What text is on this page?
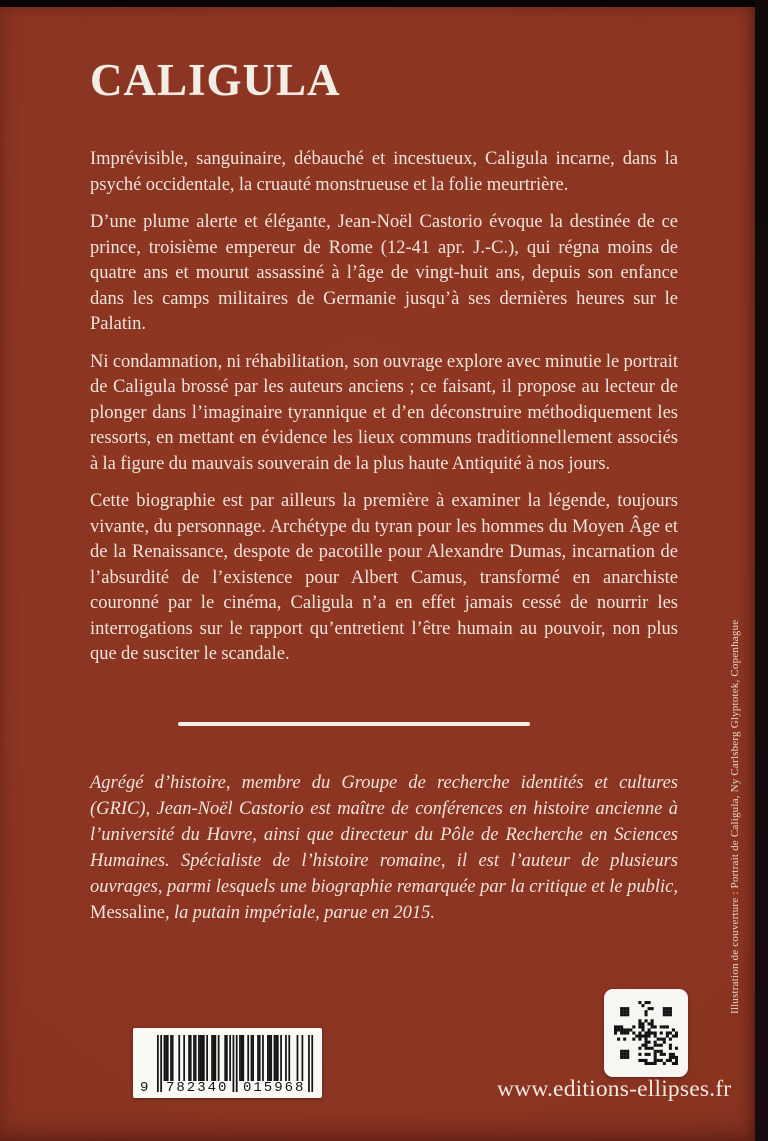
CALIGULA

Imprévisible, sanguinaire, débauché et incestueux, Caligula incarne, dans la psyché occidentale, la cruauté monstrueuse et la folie meurtrière.

D’une plume alerte et élégante, Jean-Noël Castorio évoque la destinée de ce prince, troisième empereur de Rome (12-41 apr. J.-C.), qui régna moins de quatre ans et mourut assassiné à l’âge de vingt-huit ans, depuis son enfance dans les camps militaires de Germanie jusqu’à ses dernières heures sur le Palatin.

Ni condamnation, ni réhabilitation, son ouvrage explore avec minutie le portrait de Caligula brossé par les auteurs anciens ; ce faisant, il propose au lecteur de plonger dans l’imaginaire tyrannique et d’en déconstruire méthodiquement les ressorts, en mettant en évidence les lieux communs traditionnellement associés à la figure du mauvais souverain de la plus haute Antiquité à nos jours.

Cette biographie est par ailleurs la première à examiner la légende, toujours vivante, du personnage. Archétype du tyran pour les hommes du Moyen Âge et de la Renaissance, despote de pacotille pour Alexandre Dumas, incarnation de l’absurdité de l’existence pour Albert Camus, transformé en anarchiste couronné par le cinéma, Caligula n’a en effet jamais cessé de nourrir les interrogations sur le rapport qu’entretient l’être humain au pouvoir, non plus que de susciter le scandale.

Agrégé d’histoire, membre du Groupe de recherche identités et cultures (GRIC), Jean-Noël Castorio est maître de conférences en histoire ancienne à l’université du Havre, ainsi que directeur du Pôle de Recherche en Sciences Humaines. Spécialiste de l’histoire romaine, il est l’auteur de plusieurs ouvrages, parmi lesquels une biographie remarquée par la critique et le public, Messaline, la putain impériale, parue en 2015.	Illustration de couverture : Portrait de Caligula, Ny Carlsberg Glyptotek, Copenhague
9 782340 015968	www.editions-ellipses.fr
